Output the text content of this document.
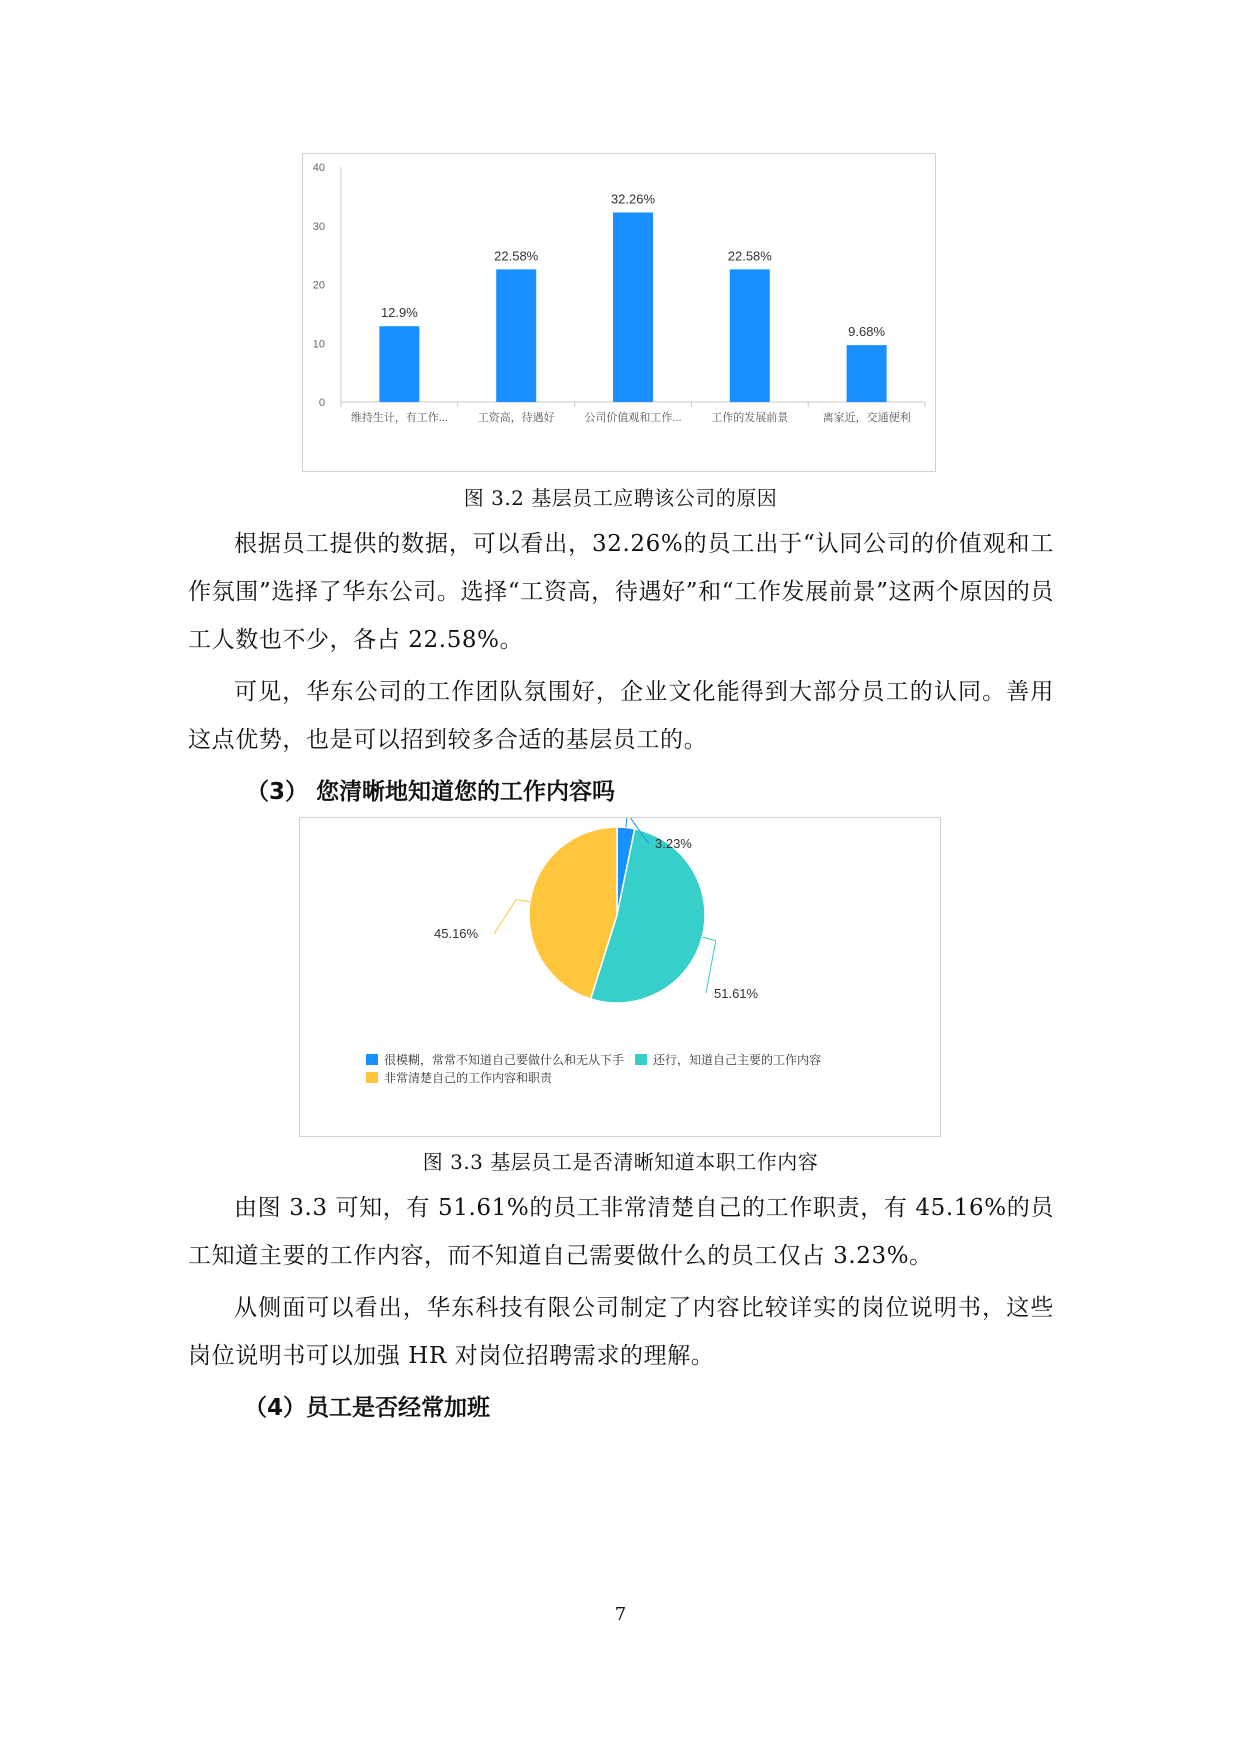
0
10
20
30
40
12.9%
维持生计，有工作...
22.58%
工资高，待遇好
32.26%
公司价值观和工作...
22.58%
工作的发展前景
9.68%
离家近，交通便利
图 3.2 基层员工应聘该公司的原因

根据员工提供的数据，可以看出，32.26%的员工出于“认同公司的价值观和工作氛围”选择了华东公司。选择“工资高，待遇好”和“工作发展前景”这两个原因的员工人数也不少，各占 22.58%。

可见，华东公司的工作团队氛围好，企业文化能得到大部分员工的认同。善用这点优势，也是可以招到较多合适的基层员工的。

（3） 您清晰地知道您的工作内容吗
3.23%
51.61%
45.16%
很模糊，常常不知道自己要做什么和无从下手 还行，知道自己主要的工作内容
非常清楚自己的工作内容和职责
图 3.3 基层员工是否清晰知道本职工作内容

由图 3.3 可知，有 51.61%的员工非常清楚自己的工作职责，有 45.16%的员工知道主要的工作内容，而不知道自己需要做什么的员工仅占 3.23%。

从侧面可以看出，华东科技有限公司制定了内容比较详实的岗位说明书，这些岗位说明书可以加强 HR 对岗位招聘需求的理解。

（4）员工是否经常加班
7
